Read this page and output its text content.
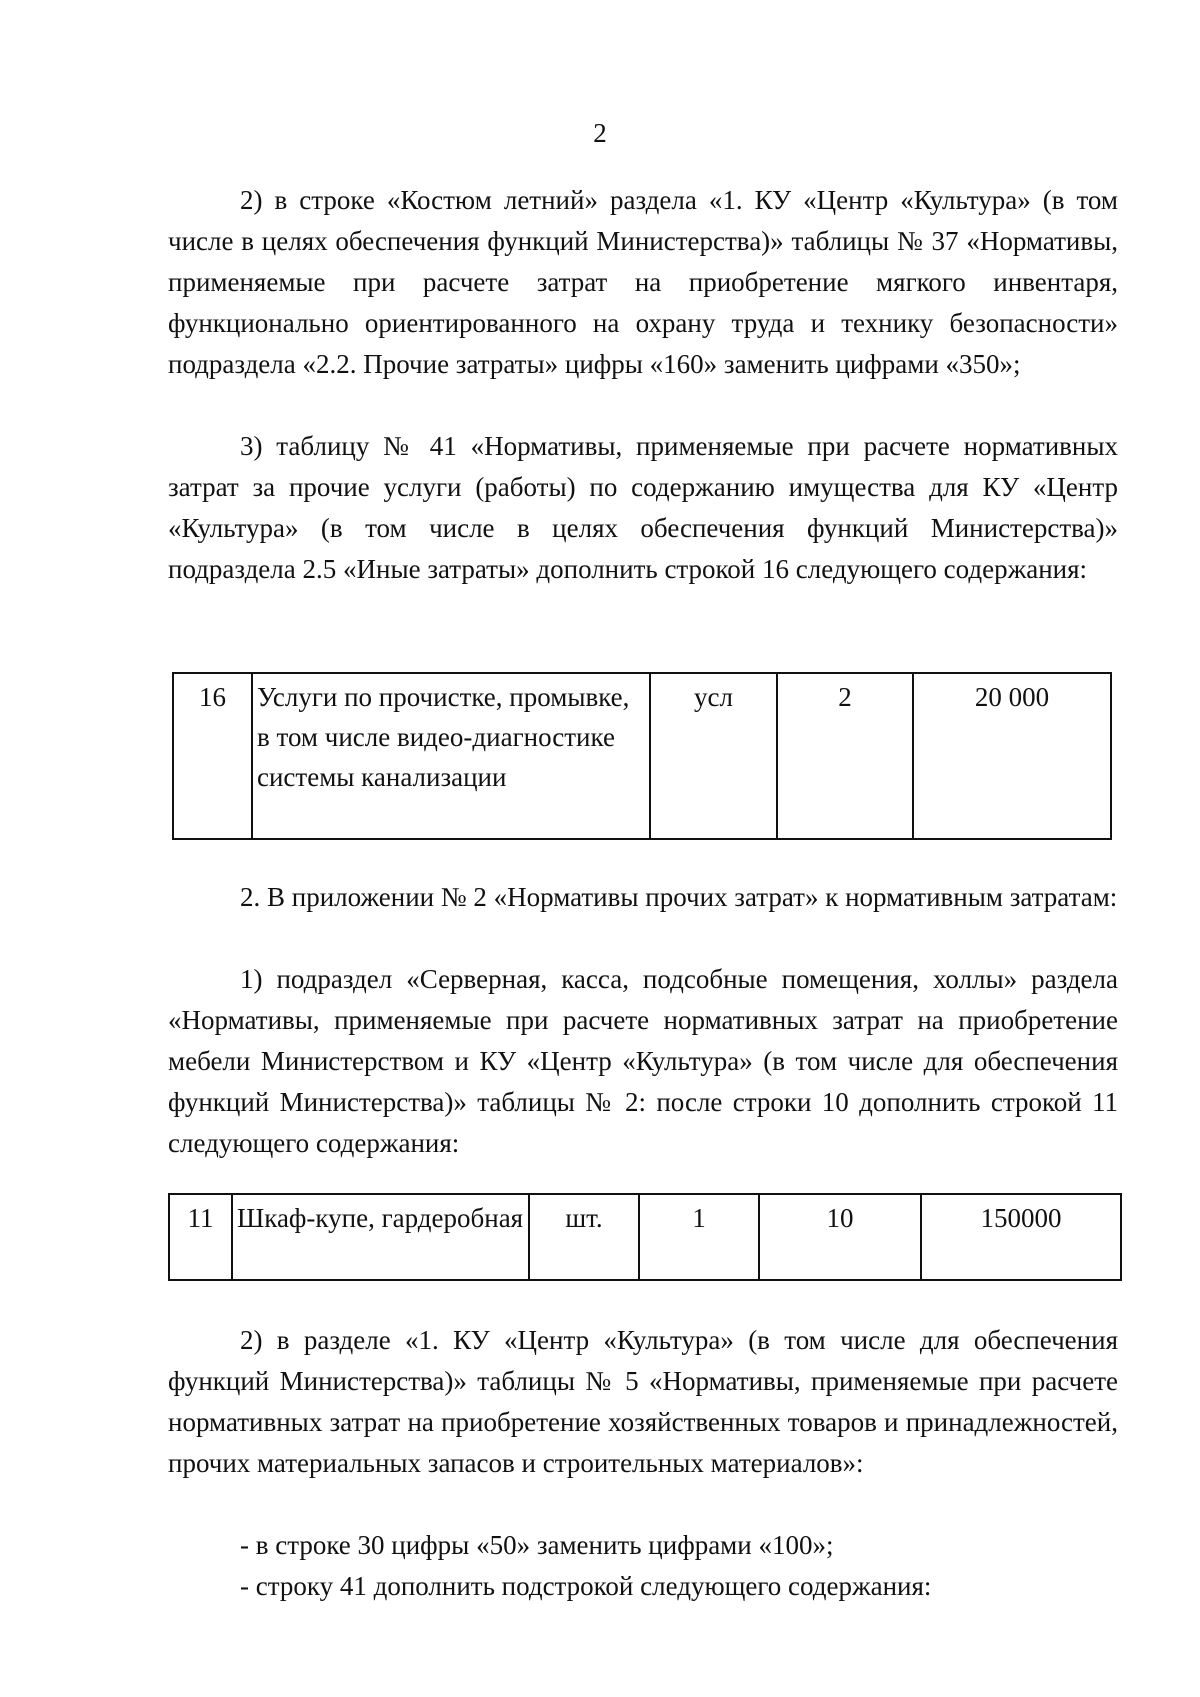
2

2) в строке «Костюм летний» раздела «1. КУ «Центр «Культура» (в том числе в целях обеспечения функций Министерства)» таблицы № 37 «Нормативы, применяемые при расчете затрат на приобретение мягкого инвентаря, функционально ориентированного на охрану труда и технику безопасности» подраздела «2.2. Прочие затраты» цифры «160» заменить цифрами «350»;

3) таблицу № 41 «Нормативы, применяемые при расчете нормативных затрат за прочие услуги (работы) по содержанию имущества для КУ «Центр «Культура» (в том числе в целях обеспечения функций Министерства)» подраздела 2.5 «Иные затраты» дополнить строкой 16 следующего содержания:

16	Услуги по прочистке, промывке, в том числе видео-диагностике системы канализации	усл	2	20 000

2. В приложении № 2 «Нормативы прочих затрат» к нормативным затратам:

1) подраздел «Серверная, касса, подсобные помещения, холлы» раздела «Нормативы, применяемые при расчете нормативных затрат на приобретение мебели Министерством и КУ «Центр «Культура» (в том числе для обеспечения функций Министерства)» таблицы № 2: после строки 10 дополнить строкой 11 следующего содержания:

11	Шкаф-купе, гардеробная	шт.	1	10	150000

2) в разделе «1. КУ «Центр «Культура» (в том числе для обеспечения функций Министерства)» таблицы № 5 «Нормативы, применяемые при расчете нормативных затрат на приобретение хозяйственных товаров и принадлежностей, прочих материальных запасов и строительных материалов»:

- в строке 30 цифры «50» заменить цифрами «100»;

- строку 41 дополнить подстрокой следующего содержания:
